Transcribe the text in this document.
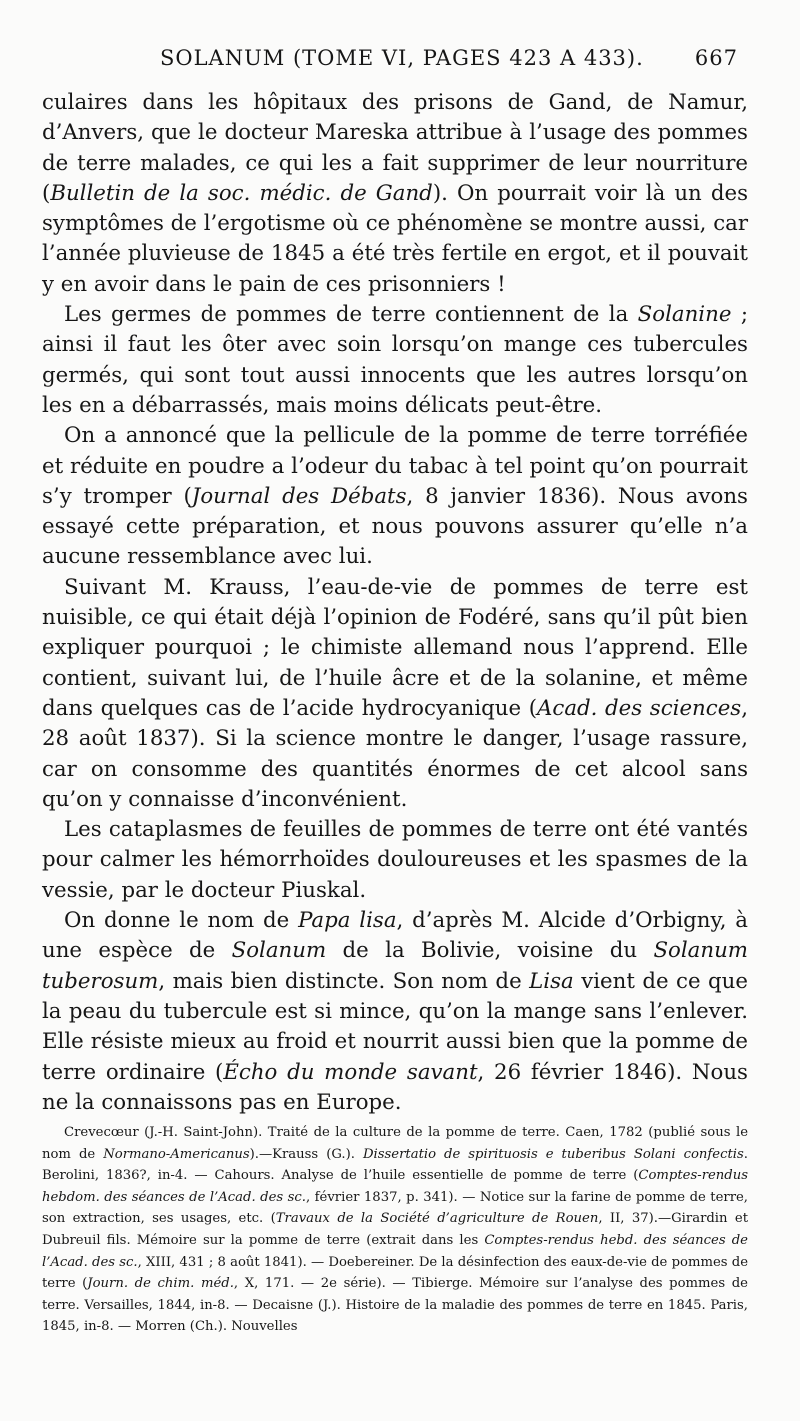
SOLANUM (TOME VI, PAGES 423 A 433). 667

culaires dans les hôpitaux des prisons de Gand, de Namur, d’Anvers, que le docteur Mareska attribue à l’usage des pommes de terre malades, ce qui les a fait supprimer de leur nourriture (Bulletin de la soc. médic. de Gand). On pourrait voir là un des symptômes de l’ergotisme où ce phénomène se montre aussi, car l’année pluvieuse de 1845 a été très fertile en ergot, et il pouvait y en avoir dans le pain de ces prisonniers !

Les germes de pommes de terre contiennent de la Solanine ; ainsi il faut les ôter avec soin lorsqu’on mange ces tubercules germés, qui sont tout aussi innocents que les autres lorsqu’on les en a débarrassés, mais moins délicats peut-être.

On a annoncé que la pellicule de la pomme de terre torréfiée et réduite en poudre a l’odeur du tabac à tel point qu’on pourrait s’y tromper (Journal des Débats, 8 janvier 1836). Nous avons essayé cette préparation, et nous pouvons assurer qu’elle n’a aucune ressemblance avec lui.

Suivant M. Krauss, l’eau-de-vie de pommes de terre est nuisible, ce qui était déjà l’opinion de Fodéré, sans qu’il pût bien expliquer pourquoi ; le chimiste allemand nous l’apprend. Elle contient, suivant lui, de l’huile âcre et de la solanine, et même dans quelques cas de l’acide hydrocyanique (Acad. des sciences, 28 août 1837). Si la science montre le danger, l’usage rassure, car on consomme des quantités énormes de cet alcool sans qu’on y connaisse d’inconvénient.

Les cataplasmes de feuilles de pommes de terre ont été vantés pour calmer les hémorrhoïdes douloureuses et les spasmes de la vessie, par le docteur Piuskal.

On donne le nom de Papa lisa, d’après M. Alcide d’Orbigny, à une espèce de Solanum de la Bolivie, voisine du Solanum tuberosum, mais bien distincte. Son nom de Lisa vient de ce que la peau du tubercule est si mince, qu’on la mange sans l’enlever. Elle résiste mieux au froid et nourrit aussi bien que la pomme de terre ordinaire (Écho du monde savant, 26 février 1846). Nous ne la connaissons pas en Europe.

Crevecœur (J.-H. Saint-John). Traité de la culture de la pomme de terre. Caen, 1782 (publié sous le nom de Normano-Americanus).—Krauss (G.). Dissertatio de spirituosis e tuberibus Solani confectis. Berolini, 1836?, in-4. — Cahours. Analyse de l’huile essentielle de pomme de terre (Comptes-rendus hebdom. des séances de l’Acad. des sc., février 1837, p. 341). — Notice sur la farine de pomme de terre, son extraction, ses usages, etc. (Travaux de la Société d’agriculture de Rouen, II, 37).—Girardin et Dubreuil fils. Mémoire sur la pomme de terre (extrait dans les Comptes-rendus hebd. des séances de l’Acad. des sc., XIII, 431 ; 8 août 1841). — Doebereiner. De la désinfection des eaux-de-vie de pommes de terre (Journ. de chim. méd., X, 171. — 2e série). — Tibierge. Mémoire sur l’analyse des pommes de terre. Versailles, 1844, in-8. — Decaisne (J.). Histoire de la maladie des pommes de terre en 1845. Paris, 1845, in-8. — Morren (Ch.). Nouvelles
